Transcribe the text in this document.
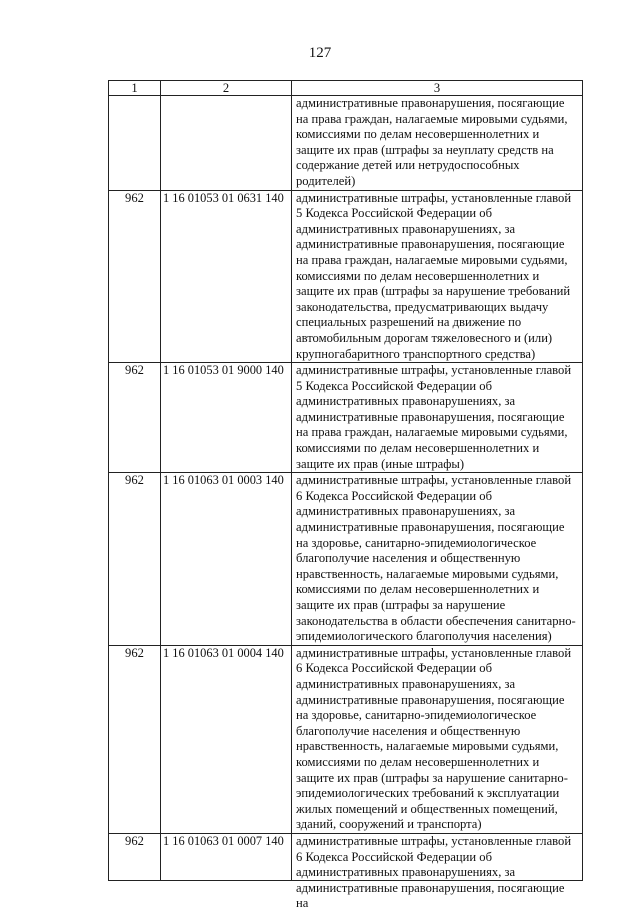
127
1	2	3
		административные правонарушения, посягающие на права граждан, налагаемые мировыми судьями, комиссиями по делам несовершеннолетних и защите их прав (штрафы за неуплату средств на содержание детей или нетрудоспособных родителей)
962	1 16 01053 01 0631 140	административные штрафы, установленные главой 5 Кодекса Российской Федерации об административных правонарушениях, за административные правонарушения, посягающие на права граждан, налагаемые мировыми судьями, комиссиями по делам несовершеннолетних и защите их прав (штрафы за нарушение требований законодательства, предусматривающих выдачу специальных разрешений на движение по автомобильным дорогам тяжеловесного и (или) крупногабаритного транспортного средства)
962	1 16 01053 01 9000 140	административные штрафы, установленные главой 5 Кодекса Российской Федерации об административных правонарушениях, за административные правонарушения, посягающие на права граждан, налагаемые мировыми судьями, комиссиями по делам несовершеннолетних и защите их прав (иные штрафы)
962	1 16 01063 01 0003 140	административные штрафы, установленные главой 6 Кодекса Российской Федерации об административных правонарушениях, за административные правонарушения, посягающие на здоровье, санитарно-эпидемиологическое благополучие населения и общественную нравственность, налагаемые мировыми судьями, комиссиями по делам несовершеннолетних и защите их прав (штрафы за нарушение законодательства в области обеспечения санитарно-эпидемиологического благополучия населения)
962	1 16 01063 01 0004 140	административные штрафы, установленные главой 6 Кодекса Российской Федерации об административных правонарушениях, за административные правонарушения, посягающие на здоровье, санитарно-эпидемиологическое благополучие населения и общественную нравственность, налагаемые мировыми судьями, комиссиями по делам несовершеннолетних и защите их прав (штрафы за нарушение санитарно-эпидемиологических требований к эксплуатации жилых помещений и общественных помещений, зданий, сооружений и транспорта)
962	1 16 01063 01 0007 140	административные штрафы, установленные главой 6 Кодекса Российской Федерации об административных правонарушениях, за административные правонарушения, посягающие на
